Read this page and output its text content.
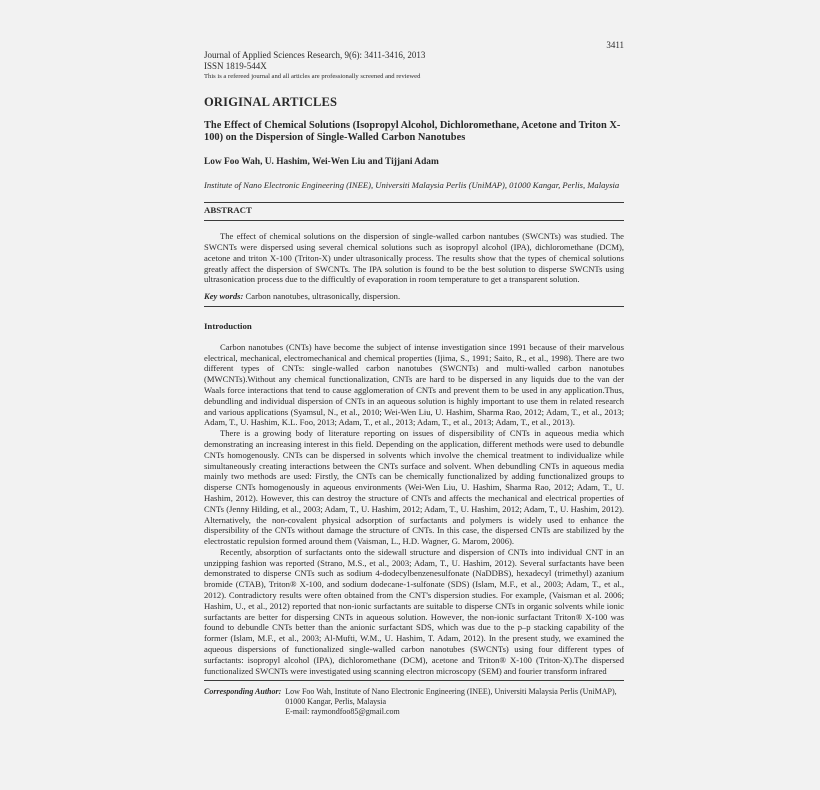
3411
Journal of Applied Sciences Research, 9(6): 3411-3416, 2013
ISSN 1819-544X
This is a refereed journal and all articles are professionally screened and reviewed
ORIGINAL ARTICLES
The Effect of Chemical Solutions (Isopropyl Alcohol, Dichloromethane, Acetone and Triton X-100) on the Dispersion of Single-Walled Carbon Nanotubes
Low Foo Wah, U. Hashim, Wei-Wen Liu and Tijjani Adam
Institute of Nano Electronic Engineering (INEE), Universiti Malaysia Perlis (UniMAP), 01000 Kangar, Perlis, Malaysia
ABSTRACT

The effect of chemical solutions on the dispersion of single-walled carbon nantubes (SWCNTs) was studied. The SWCNTs were dispersed using several chemical solutions such as isopropyl alcohol (IPA), dichloromethane (DCM), acetone and triton X-100 (Triton-X) under ultrasonically process. The results show that the types of chemical solutions greatly affect the dispersion of SWCNTs. The IPA solution is found to be the best solution to disperse SWCNTs using ultrasonication process due to the difficultly of evaporation in room temperature to get a transparent solution.

Key words: Carbon nanotubes, ultrasonically, dispersion.

Introduction

Carbon nanotubes (CNTs) have become the subject of intense investigation since 1991 because of their marvelous electrical, mechanical, electromechanical and chemical properties (Ijima, S., 1991; Saito, R., et al., 1998). There are two different types of CNTs: single-walled carbon nanotubes (SWCNTs) and multi-walled carbon nanotubes (MWCNTs).Without any chemical functionalization, CNTs are hard to be dispersed in any liquids due to the van der Waals force interactions that tend to cause agglomeration of CNTs and prevent them to be used in any application.Thus, debundling and individual dispersion of CNTs in an aqueous solution is highly important to use them in related research and various applications (Syamsul, N., et al., 2010; Wei-Wen Liu, U. Hashim, Sharma Rao, 2012; Adam, T., et al., 2013; Adam, T., U. Hashim, K.L. Foo, 2013; Adam, T., et al., 2013; Adam, T., et al., 2013; Adam, T., et al., 2013).

There is a growing body of literature reporting on issues of dispersibility of CNTs in aqueous media which demonstrating an increasing interest in this field. Depending on the application, different methods were used to debundle CNTs homogenously. CNTs can be dispersed in solvents which involve the chemical treatment to individualize while simultaneously creating interactions between the CNTs surface and solvent. When debundling CNTs in aqueous media mainly two methods are used: Firstly, the CNTs can be chemically functionalized by adding functionalized groups to disperse CNTs homogenously in aqueous environments (Wei-Wen Liu, U. Hashim, Sharma Rao, 2012; Adam, T., U. Hashim, 2012). However, this can destroy the structure of CNTs and affects the mechanical and electrical properties of CNTs (Jenny Hilding, et al., 2003; Adam, T., U. Hashim, 2012; Adam, T., U. Hashim, 2012; Adam, T., U. Hashim, 2012). Alternatively, the non-covalent physical adsorption of surfactants and polymers is widely used to enhance the dispersibility of the CNTs without damage the structure of CNTs. In this case, the dispersed CNTs are stabilized by the electrostatic repulsion formed around them (Vaisman, L., H.D. Wagner, G. Marom, 2006).

Recently, absorption of surfactants onto the sidewall structure and dispersion of CNTs into individual CNT in an unzipping fashion was reported (Strano, M.S., et al., 2003; Adam, T., U. Hashim, 2012). Several surfactants have been demonstrated to disperse CNTs such as sodium 4-dodecylbenzenesulfonate (NaDDBS), hexadecyl (trimethyl) azanium bromide (CTAB), Triton® X-100, and sodium dodecane-1-sulfonate (SDS) (Islam, M.F., et al., 2003; Adam, T., et al., 2012). Contradictory results were often obtained from the CNT's dispersion studies. For example, (Vaisman et al. 2006; Hashim, U., et al., 2012) reported that non-ionic surfactants are suitable to disperse CNTs in organic solvents while ionic surfactants are better for dispersing CNTs in aqueous solution. However, the non-ionic surfactant Triton® X-100 was found to debundle CNTs better than the anionic surfactant SDS, which was due to the p–p stacking capability of the former (Islam, M.F., et al., 2003; Al-Mufti, W.M., U. Hashim, T. Adam, 2012). In the present study, we examined the aqueous dispersions of functionalized single-walled carbon nanotubes (SWCNTs) using four different types of surfactants: isopropyl alcohol (IPA), dichloromethane (DCM), acetone and Triton® X-100 (Triton-X).The dispersed functionalized SWCNTs were investigated using scanning electron microscopy (SEM) and fourier transform infrared

Corresponding Author: Low Foo Wah, Institute of Nano Electronic Engineering (INEE), Universiti Malaysia Perlis (UniMAP), 01000 Kangar, Perlis, Malaysia
E-mail: raymondfoo85@gmail.com
